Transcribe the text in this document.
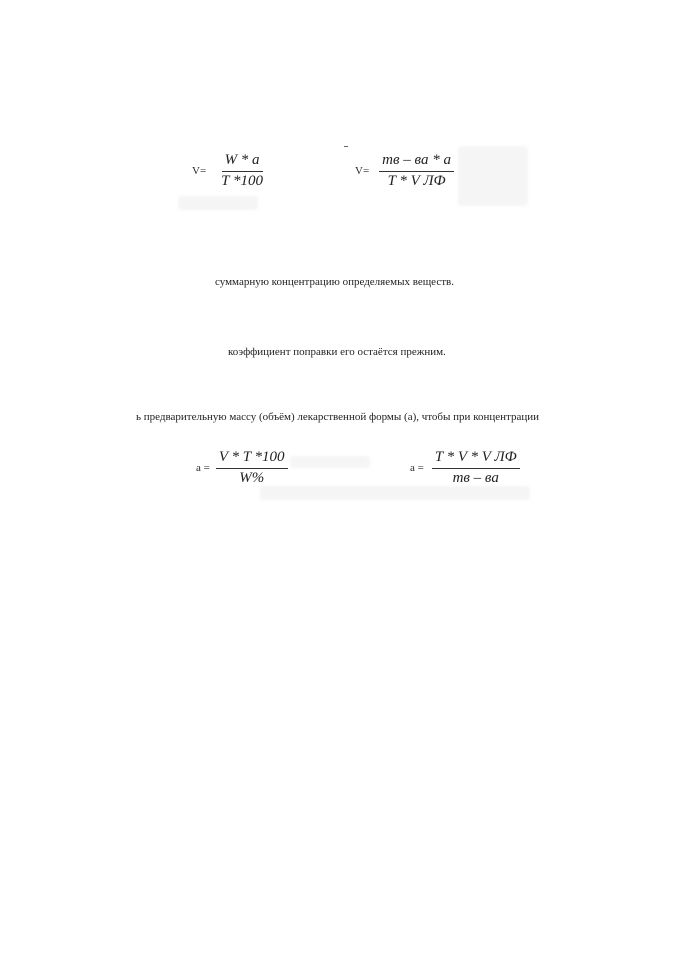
$V= \frac{W * a}{T *100}$	$V= \frac{mв - вa * a}{\text{T * V ЛФ}}$
суммарную концентрацию определяемых веществ.
коэффициент поправки его остаётся прежним.
ь предварительную массу (объём) лекарственной формы (а), чтобы при концентрации
$a = \frac{V * T *100}{W\%}$	$a = \frac{\text{T * V * V ЛФ}}{mв - вa}$
